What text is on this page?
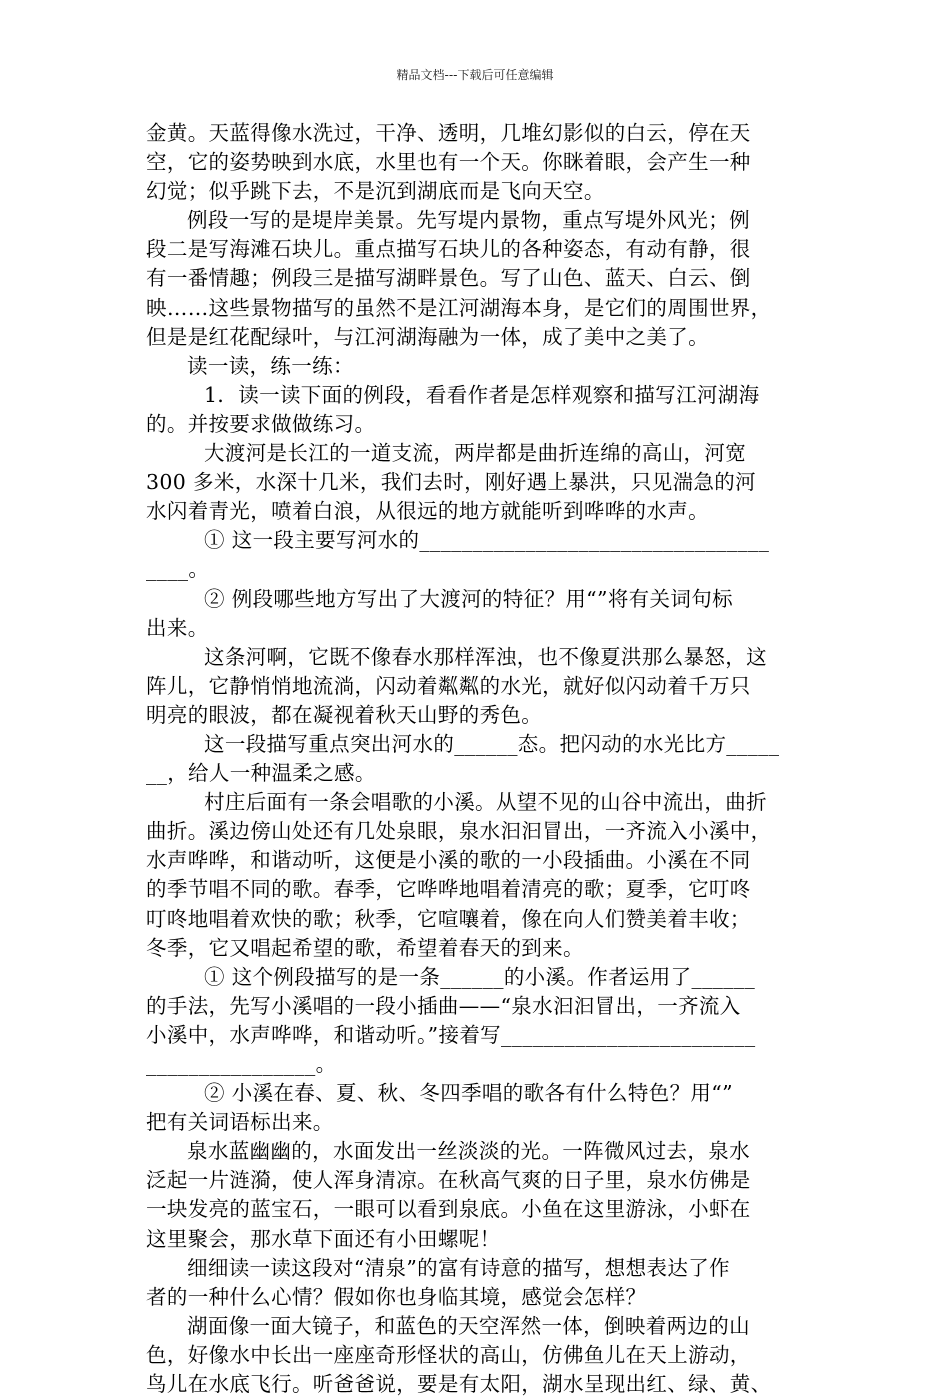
精品文档---下载后可任意编辑
金黄。天蓝得像水洗过，干净、透明，几堆幻影似的白云，停在天
空，它的姿势映到水底，水里也有一个天。你眯着眼，会产生一种
幻觉；似乎跳下去，不是沉到湖底而是飞向天空。
例段一写的是堤岸美景。先写堤内景物，重点写堤外风光；例
段二是写海滩石块儿。重点描写石块儿的各种姿态，有动有静，很
有一番情趣；例段三是描写湖畔景色。写了山色、蓝天、白云、倒
映……这些景物描写的虽然不是江河湖海本身，是它们的周围世界，
但是是红花配绿叶，与江河湖海融为一体，成了美中之美了。
读一读，练一练：
1．读一读下面的例段，看看作者是怎样观察和描写江河湖海
的。并按要求做做练习。
大渡河是长江的一道支流，两岸都是曲折连绵的高山，河宽
300 多米，水深十几米，我们去时，刚好遇上暴洪，只见湍急的河
水闪着青光，喷着白浪，从很远的地方就能听到哗哗的水声。
① 这一段主要写河水的_________________________________
____。
② 例段哪些地方写出了大渡河的特征？用“”将有关词句标
出来。
这条河啊，它既不像春水那样浑浊，也不像夏洪那么暴怒，这
阵儿，它静悄悄地流淌，闪动着粼粼的水光，就好似闪动着千万只
明亮的眼波，都在凝视着秋天山野的秀色。
这一段描写重点突出河水的______态。把闪动的水光比方_____
__，给人一种温柔之感。
村庄后面有一条会唱歌的小溪。从望不见的山谷中流出，曲折
曲折。溪边傍山处还有几处泉眼，泉水汩汩冒出，一齐流入小溪中，
水声哗哗，和谐动听，这便是小溪的歌的一小段插曲。小溪在不同
的季节唱不同的歌。春季，它哗哗地唱着清亮的歌；夏季，它叮咚
叮咚地唱着欢快的歌；秋季，它喧嚷着，像在向人们赞美着丰收；
冬季，它又唱起希望的歌，希望着春天的到来。
① 这个例段描写的是一条______的小溪。作者运用了______
的手法，先写小溪唱的一段小插曲——“泉水汩汩冒出，一齐流入
小溪中，水声哗哗，和谐动听。”接着写________________________
________________。
② 小溪在春、夏、秋、冬四季唱的歌各有什么特色？用“”
把有关词语标出来。
泉水蓝幽幽的，水面发出一丝淡淡的光。一阵微风过去，泉水
泛起一片涟漪，使人浑身清凉。在秋高气爽的日子里，泉水仿佛是
一块发亮的蓝宝石，一眼可以看到泉底。小鱼在这里游泳，小虾在
这里聚会，那水草下面还有小田螺呢！
细细读一读这段对“清泉”的富有诗意的描写，想想表达了作
者的一种什么心情？假如你也身临其境，感觉会怎样？
湖面像一面大镜子，和蓝色的天空浑然一体，倒映着两边的山
色，好像水中长出一座座奇形怪状的高山，仿佛鱼儿在天上游动，
鸟儿在水底飞行。听爸爸说，要是有太阳，湖水呈现出红、绿、黄、
